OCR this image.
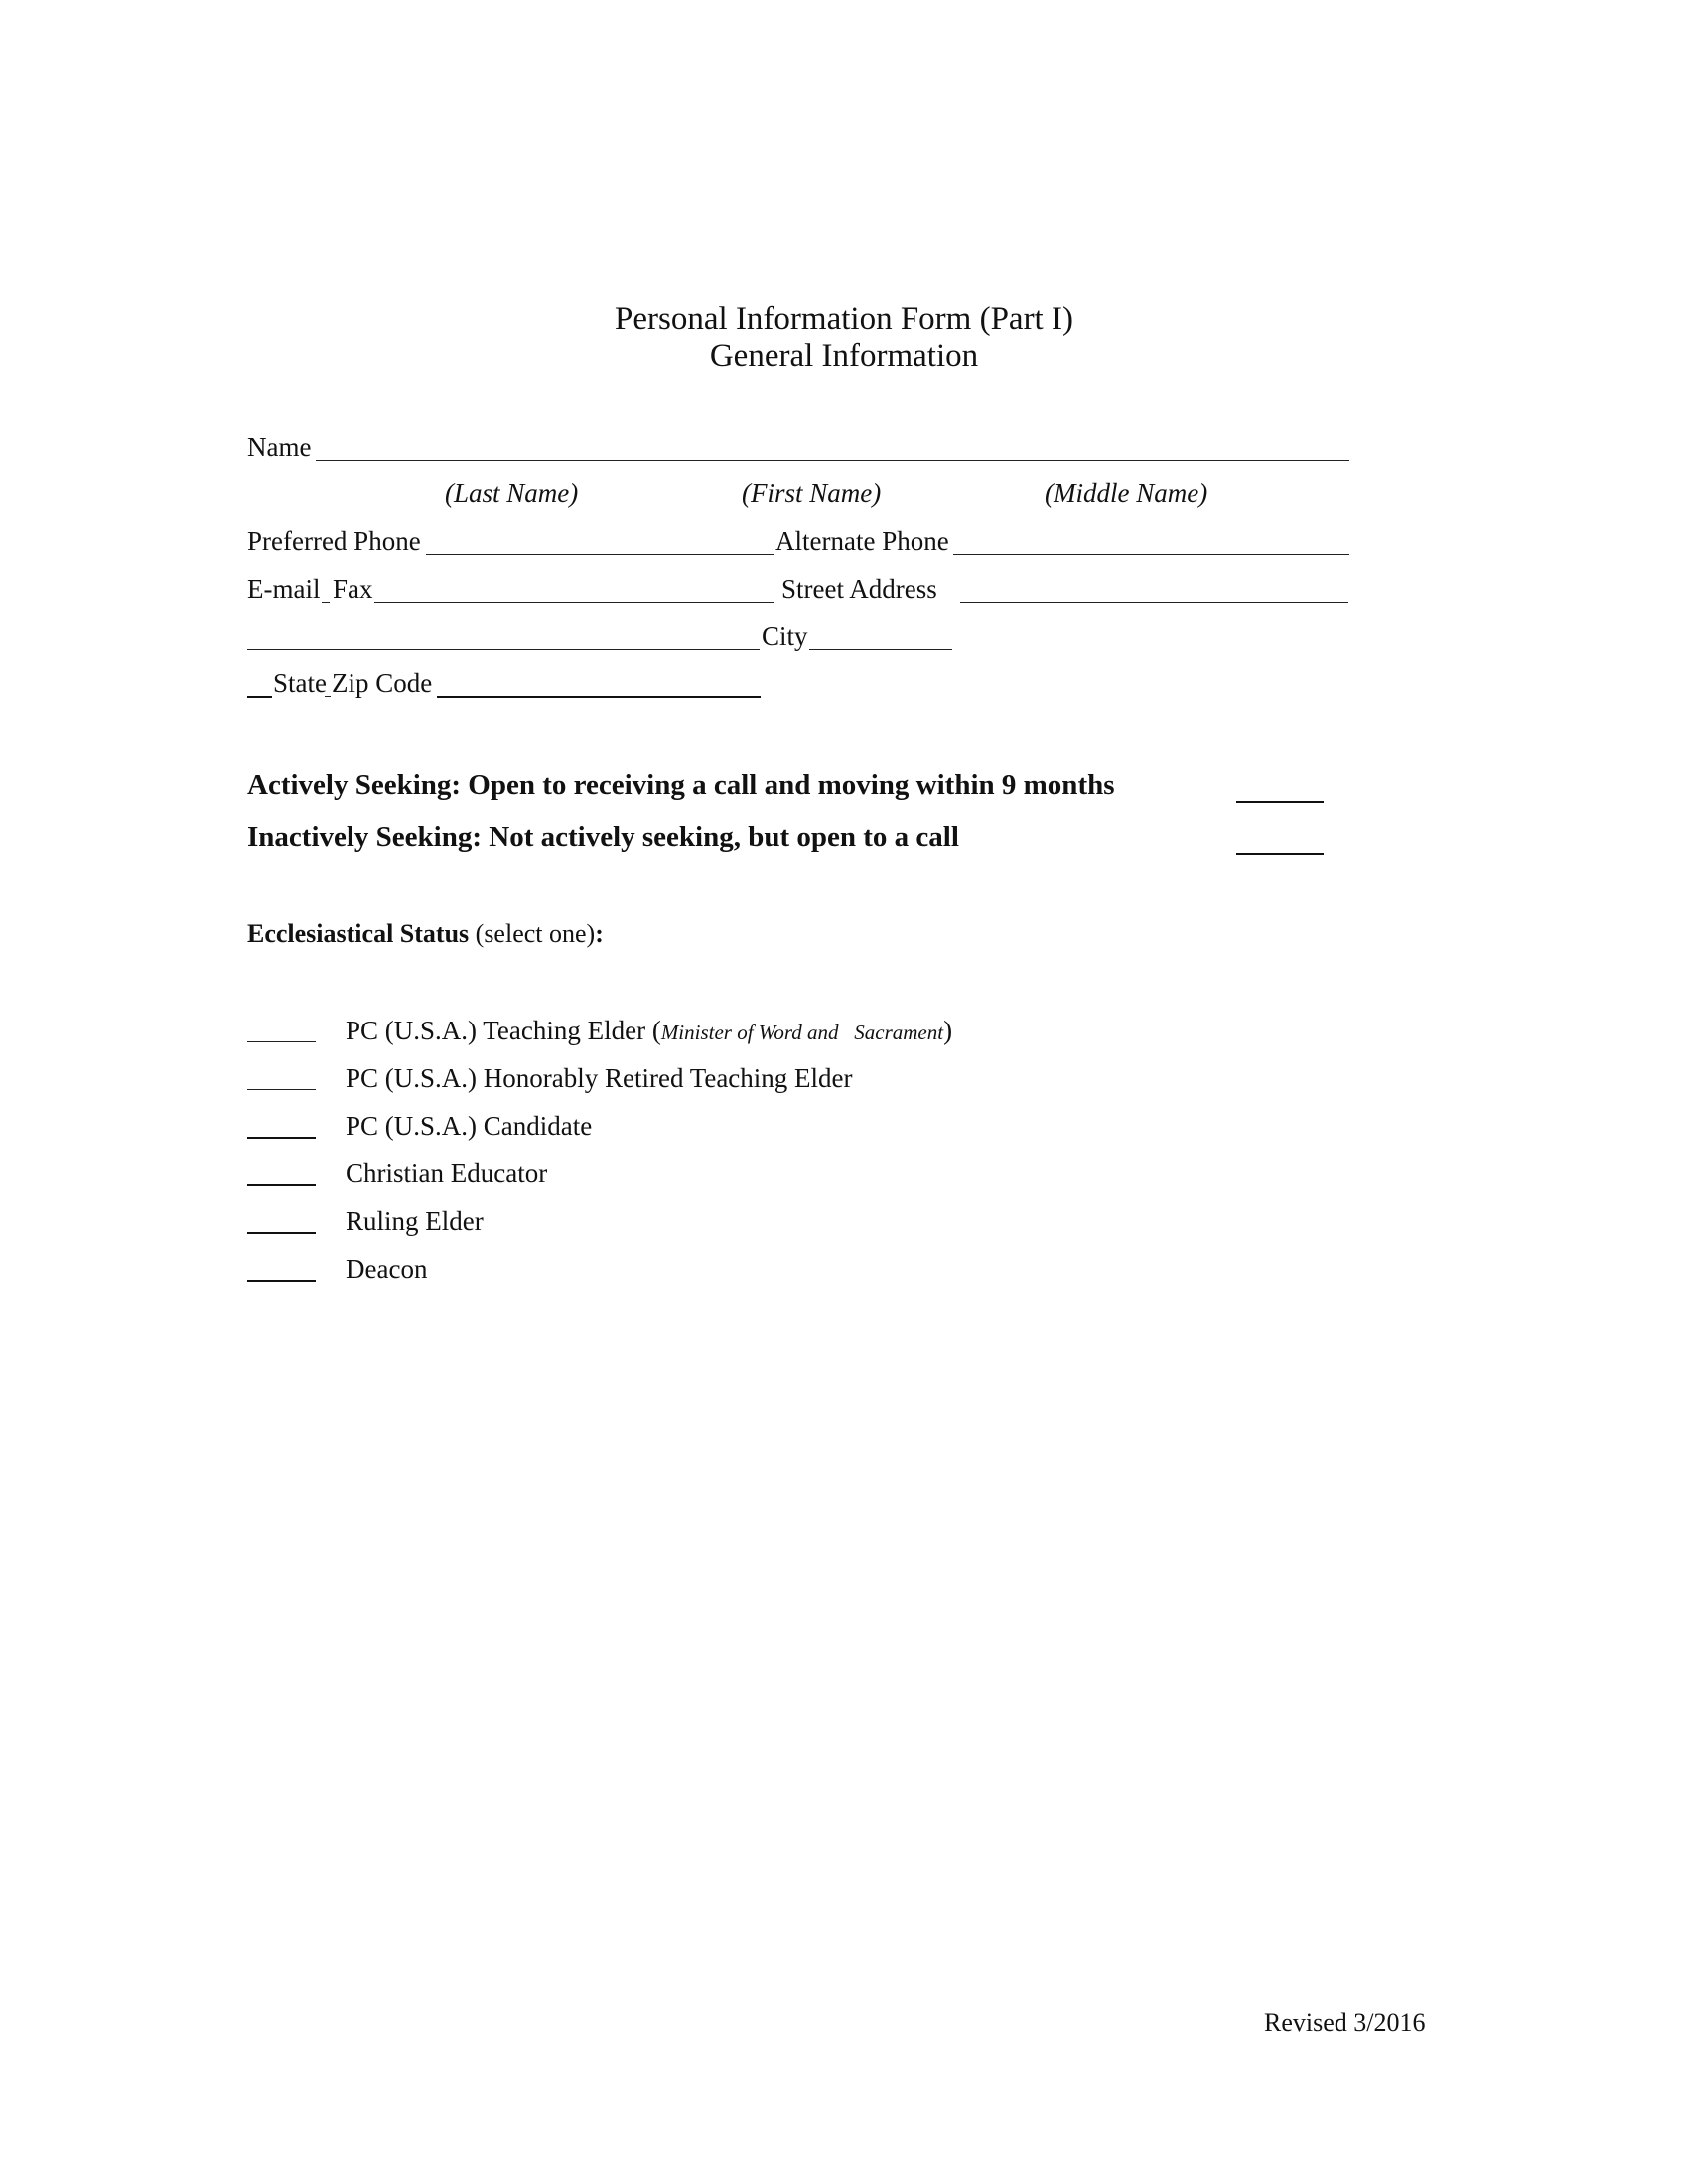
Personal Information Form (Part I)
General Information
Name
(Last Name)	(First Name)	(Middle Name)
Preferred Phone	Alternate Phone
E-mail Fax	Street Address
City
State Zip Code
Actively Seeking: Open to receiving a call and moving within 9 months
Inactively Seeking: Not actively seeking, but open to a call
Ecclesiastical Status (select one):
PC (U.S.A.) Teaching Elder (Minister of Word and   Sacrament)
PC (U.S.A.) Honorably Retired Teaching Elder
PC (U.S.A.) Candidate
Christian Educator
Ruling Elder
Deacon
Revised 3/2016
